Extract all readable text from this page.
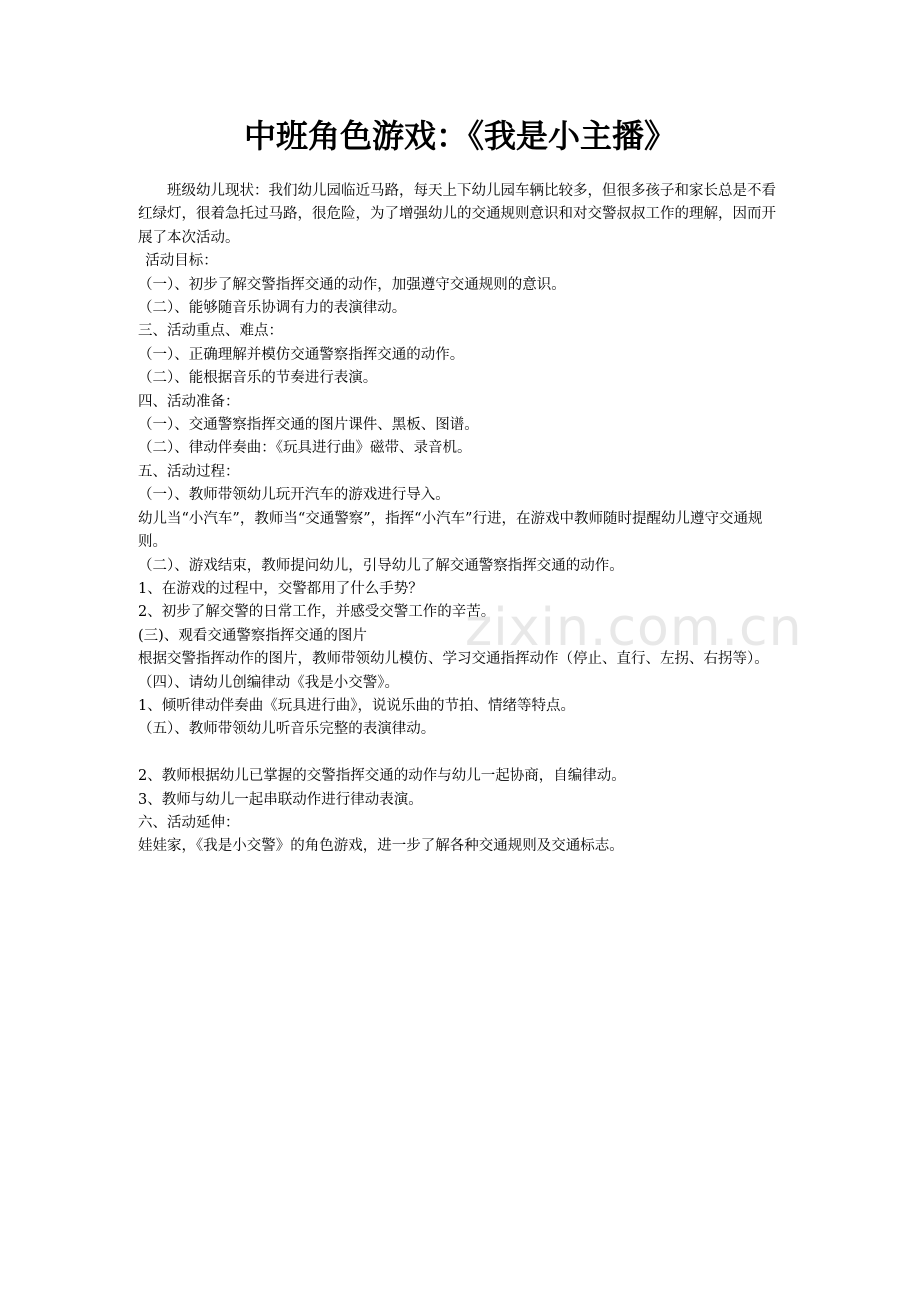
中班角色游戏：《我是小主播》

班级幼儿现状：我们幼儿园临近马路，每天上下幼儿园车辆比较多，但很多孩子和家长总是不看红绿灯，很着急托过马路，很危险，为了增强幼儿的交通规则意识和对交警叔叔工作的理解，因而开展了本次活动。

活动目标：

（一）、初步了解交警指挥交通的动作，加强遵守交通规则的意识。

（二）、能够随音乐协调有力的表演律动。

三、活动重点、难点：

（一）、正确理解并模仿交通警察指挥交通的动作。

（二）、能根据音乐的节奏进行表演。

四、活动准备：

（一）、交通警察指挥交通的图片课件、黑板、图谱。

（二）、律动伴奏曲：《玩具进行曲》磁带、录音机。

五、活动过程：

（一）、教师带领幼儿玩开汽车的游戏进行导入。

幼儿当“小汽车”，教师当“交通警察”，指挥“小汽车”行进，在游戏中教师随时提醒幼儿遵守交通规则。

（二）、游戏结束，教师提问幼儿，引导幼儿了解交通警察指挥交通的动作。

1、在游戏的过程中，交警都用了什么手势？

2、初步了解交警的日常工作，并感受交警工作的辛苦。

(三)、观看交通警察指挥交通的图片

根据交警指挥动作的图片，教师带领幼儿模仿、学习交通指挥动作（停止、直行、左拐、右拐等）。

（四）、请幼儿创编律动《我是小交警》。

1、倾听律动伴奏曲《玩具进行曲》，说说乐曲的节拍、情绪等特点。

（五）、教师带领幼儿听音乐完整的表演律动。

2、教师根据幼儿已掌握的交警指挥交通的动作与幼儿一起协商，自编律动。

3、教师与幼儿一起串联动作进行律动表演。

六、活动延伸：

娃娃家，《我是小交警》的角色游戏，进一步了解各种交通规则及交通标志。

zixin.com.cn
